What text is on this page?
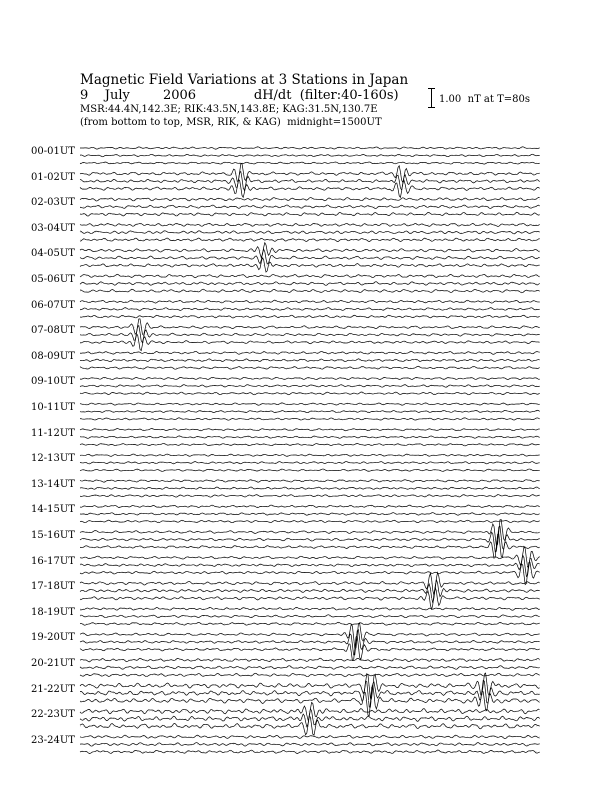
Magnetic Field Variations at 3 Stations in Japan
9    July        2006              dH/dt  (filter:40-160s)
MSR:44.4N,142.3E; RIK:43.5N,143.8E; KAG:31.5N,130.7E
(from bottom to top, MSR, RIK, & KAG)  midnight=1500UT
1.00  nT at T=80s
00-01UT
01-02UT
02-03UT
03-04UT
04-05UT
05-06UT
06-07UT
07-08UT
08-09UT
09-10UT
10-11UT
11-12UT
12-13UT
13-14UT
14-15UT
15-16UT
16-17UT
17-18UT
18-19UT
19-20UT
20-21UT
21-22UT
22-23UT
23-24UT
